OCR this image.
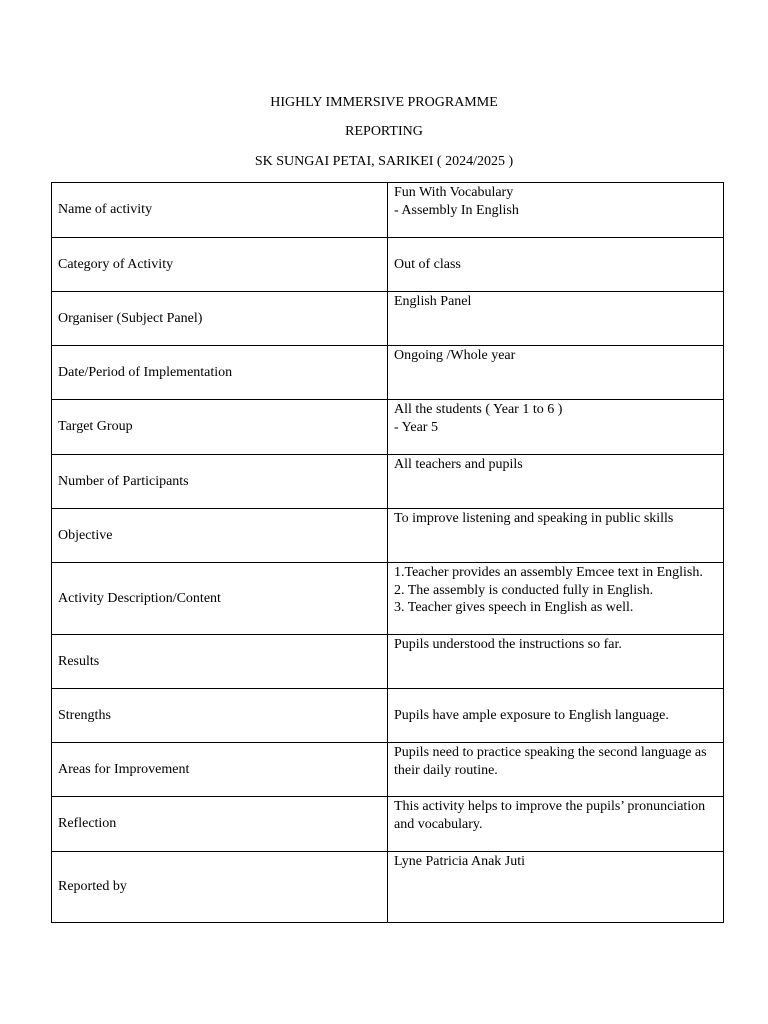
HIGHLY IMMERSIVE PROGRAMME
REPORTING
SK SUNGAI PETAI, SARIKEI ( 2024/2025 )
Name of activity	Fun With Vocabulary
- Assembly In English

Category of Activity	Out of class

Organiser (Subject Panel)	English Panel

Date/Period of Implementation	Ongoing /Whole year

Target Group	All the students ( Year 1 to 6 )
- Year 5

Number of Participants	All teachers and pupils

Objective	To improve listening and speaking in public skills

Activity Description/Content	1.Teacher provides an assembly Emcee text in English.
2. The assembly is conducted fully in English.
3. Teacher gives speech in English as well.

Results	Pupils understood the instructions so far.

Strengths	Pupils have ample exposure to English language.

Areas for Improvement	Pupils need to practice speaking the second language as their daily routine.

Reflection	This activity helps to improve the pupils’ pronunciation and vocabulary.

Reported by	Lyne Patricia Anak Juti
